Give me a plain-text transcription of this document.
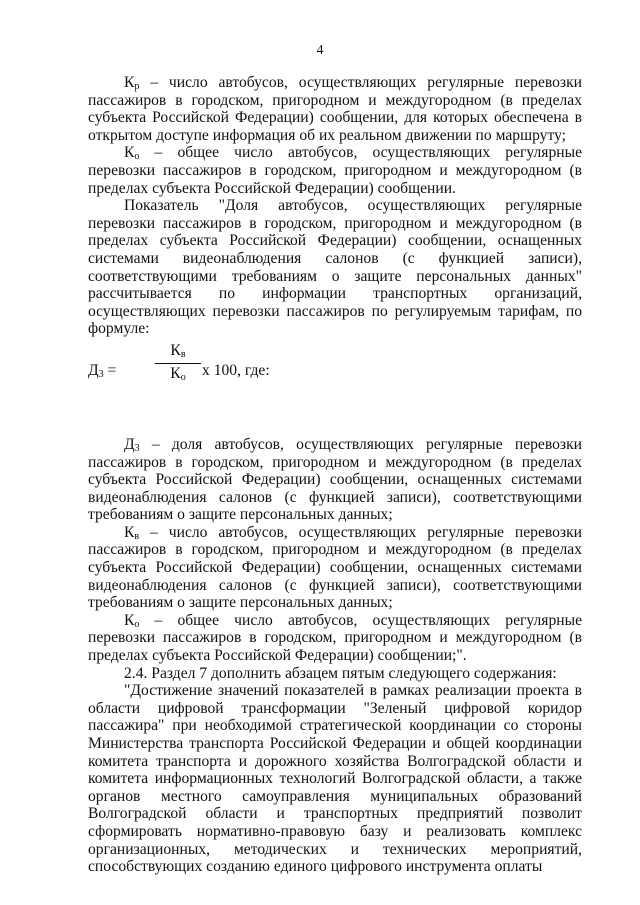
4

$К_р$ – число автобусов, осуществляющих регулярные перевозки пассажиров в городском, пригородном и междугородном (в пределах субъекта Российской Федерации) сообщении, для которых обеспечена в открытом доступе информация об их реальном движении по маршруту;

$К_о$ – общее число автобусов, осуществляющих регулярные перевозки пассажиров в городском, пригородном и междугородном (в пределах субъекта Российской Федерации) сообщении.

Показатель "Доля автобусов, осуществляющих регулярные перевозки пассажиров в городском, пригородном и междугородном (в пределах субъекта Российской Федерации) сообщении, оснащенных системами видеонаблюдения салонов (с функцией записи), соответствующими требованиям о защите персональных данных" рассчитывается по информации транспортных организаций, осуществляющих перевозки пассажиров по регулируемым тарифам, по формуле:

$Д_3$ =
$К_в$
$К_о$	х 100, где:

$Д_3$ – доля автобусов, осуществляющих регулярные перевозки пассажиров в городском, пригородном и междугородном (в пределах субъекта Российской Федерации) сообщении, оснащенных системами видеонаблюдения салонов (с функцией записи), соответствующими требованиям о защите персональных данных;

$К_в$ – число автобусов, осуществляющих регулярные перевозки пассажиров в городском, пригородном и междугородном (в пределах субъекта Российской Федерации) сообщении, оснащенных системами видеонаблюдения салонов (с функцией записи), соответствующими требованиям о защите персональных данных;

$К_о$ – общее число автобусов, осуществляющих регулярные перевозки пассажиров в городском, пригородном и междугородном (в пределах субъекта Российской Федерации) сообщении;".

2.4. Раздел 7 дополнить абзацем пятым следующего содержания:

"Достижение значений показателей в рамках реализации проекта в области цифровой трансформации "Зеленый цифровой коридор пассажира" при необходимой стратегической координации со стороны Министерства транспорта Российской Федерации и общей координации комитета транспорта и дорожного хозяйства Волгоградской области и комитета информационных технологий Волгоградской области, а также органов местного самоуправления муниципальных образований Волгоградской области и транспортных предприятий позволит сформировать нормативно-правовую базу и реализовать комплекс организационных, методических и технических мероприятий, способствующих созданию единого цифрового инструмента оплаты
